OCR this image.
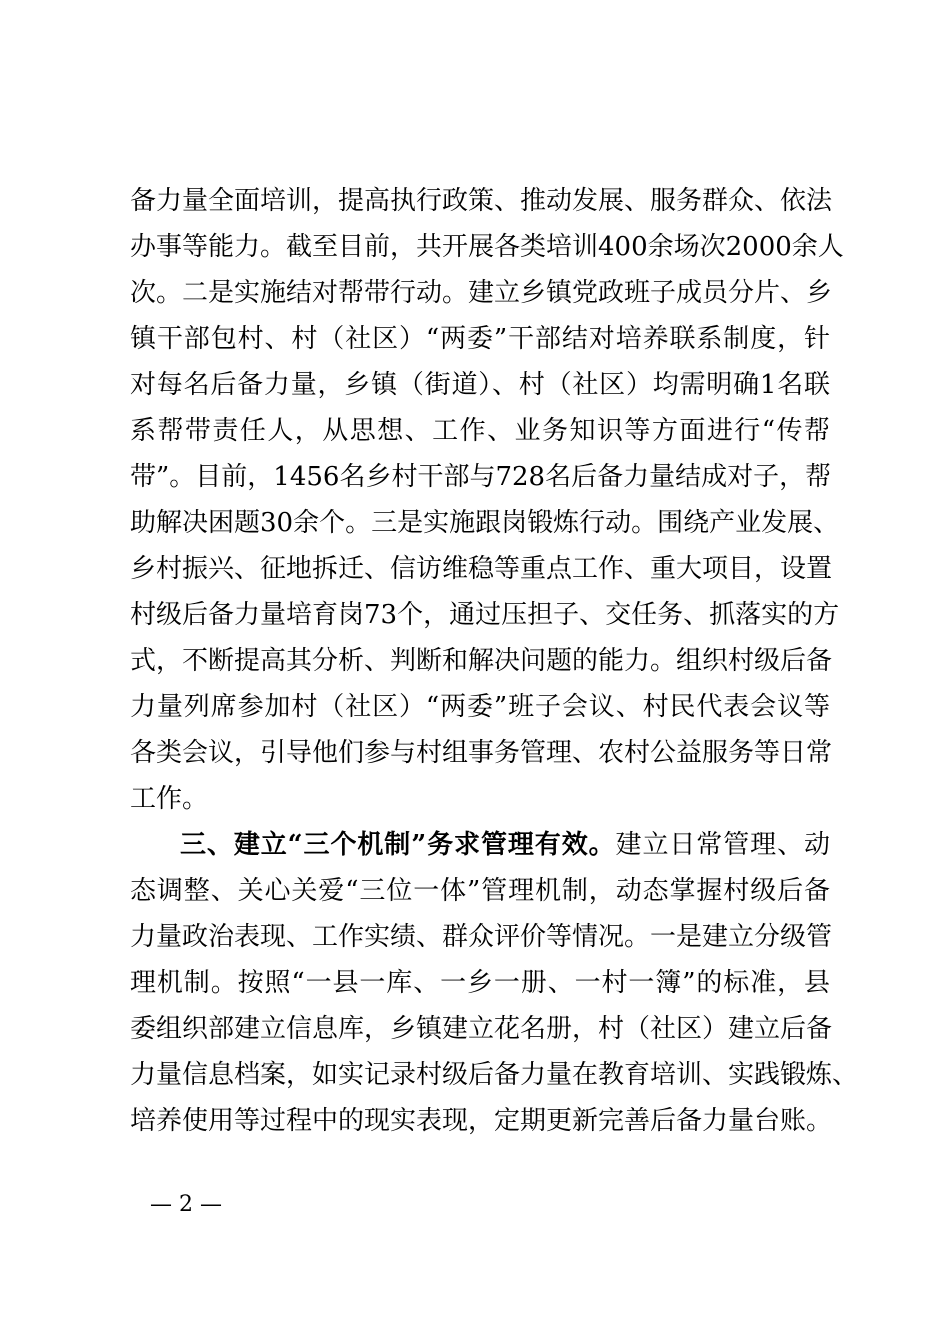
备力量全面培训，提高执行政策、推动发展、服务群众、依法
办事等能力。截至目前，共开展各类培训400余场次2000余人
次。二是实施结对帮带行动。建立乡镇党政班子成员分片、乡
镇干部包村、村（社区）“两委”干部结对培养联系制度，针
对每名后备力量，乡镇（街道）、村（社区）均需明确1名联
系帮带责任人，从思想、工作、业务知识等方面进行“传帮
带”。目前，1456名乡村干部与728名后备力量结成对子，帮
助解决困题30余个。三是实施跟岗锻炼行动。围绕产业发展、
乡村振兴、征地拆迁、信访维稳等重点工作、重大项目，设置
村级后备力量培育岗73个，通过压担子、交任务、抓落实的方
式，不断提高其分析、判断和解决问题的能力。组织村级后备
力量列席参加村（社区）“两委”班子会议、村民代表会议等
各类会议，引导他们参与村组事务管理、农村公益服务等日常
工作。
三、建立“三个机制”务求管理有效。建立日常管理、动
态调整、关心关爱“三位一体”管理机制，动态掌握村级后备
力量政治表现、工作实绩、群众评价等情况。一是建立分级管
理机制。按照“一县一库、一乡一册、一村一簿”的标准，县
委组织部建立信息库，乡镇建立花名册，村（社区）建立后备
力量信息档案，如实记录村级后备力量在教育培训、实践锻炼、
培养使用等过程中的现实表现，定期更新完善后备力量台账。
— 2 —
